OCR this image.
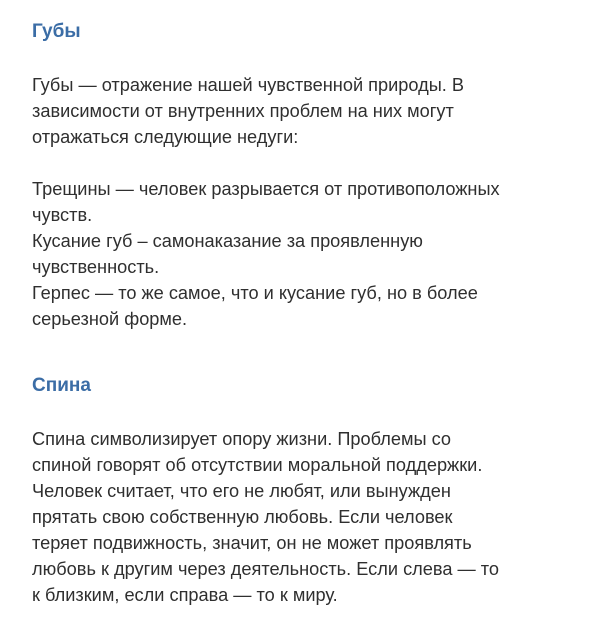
Губы

Губы — отражение нашей чувственной природы. В
зависимости от внутренних проблем на них могут
отражаться следующие недуги:

Трещины — человек разрывается от противоположных
чувств.
Кусание губ – самонаказание за проявленную
чувственность.
Герпес — то же самое, что и кусание губ, но в более
серьезной форме.

Спина

Спина символизирует опору жизни. Проблемы со
спиной говорят об отсутствии моральной поддержки.
Человек считает, что его не любят, или вынужден
прятать свою собственную любовь. Если человек
теряет подвижность, значит, он не может проявлять
любовь к другим через деятельность. Если слева — то
к близким, если справа — то к миру.
